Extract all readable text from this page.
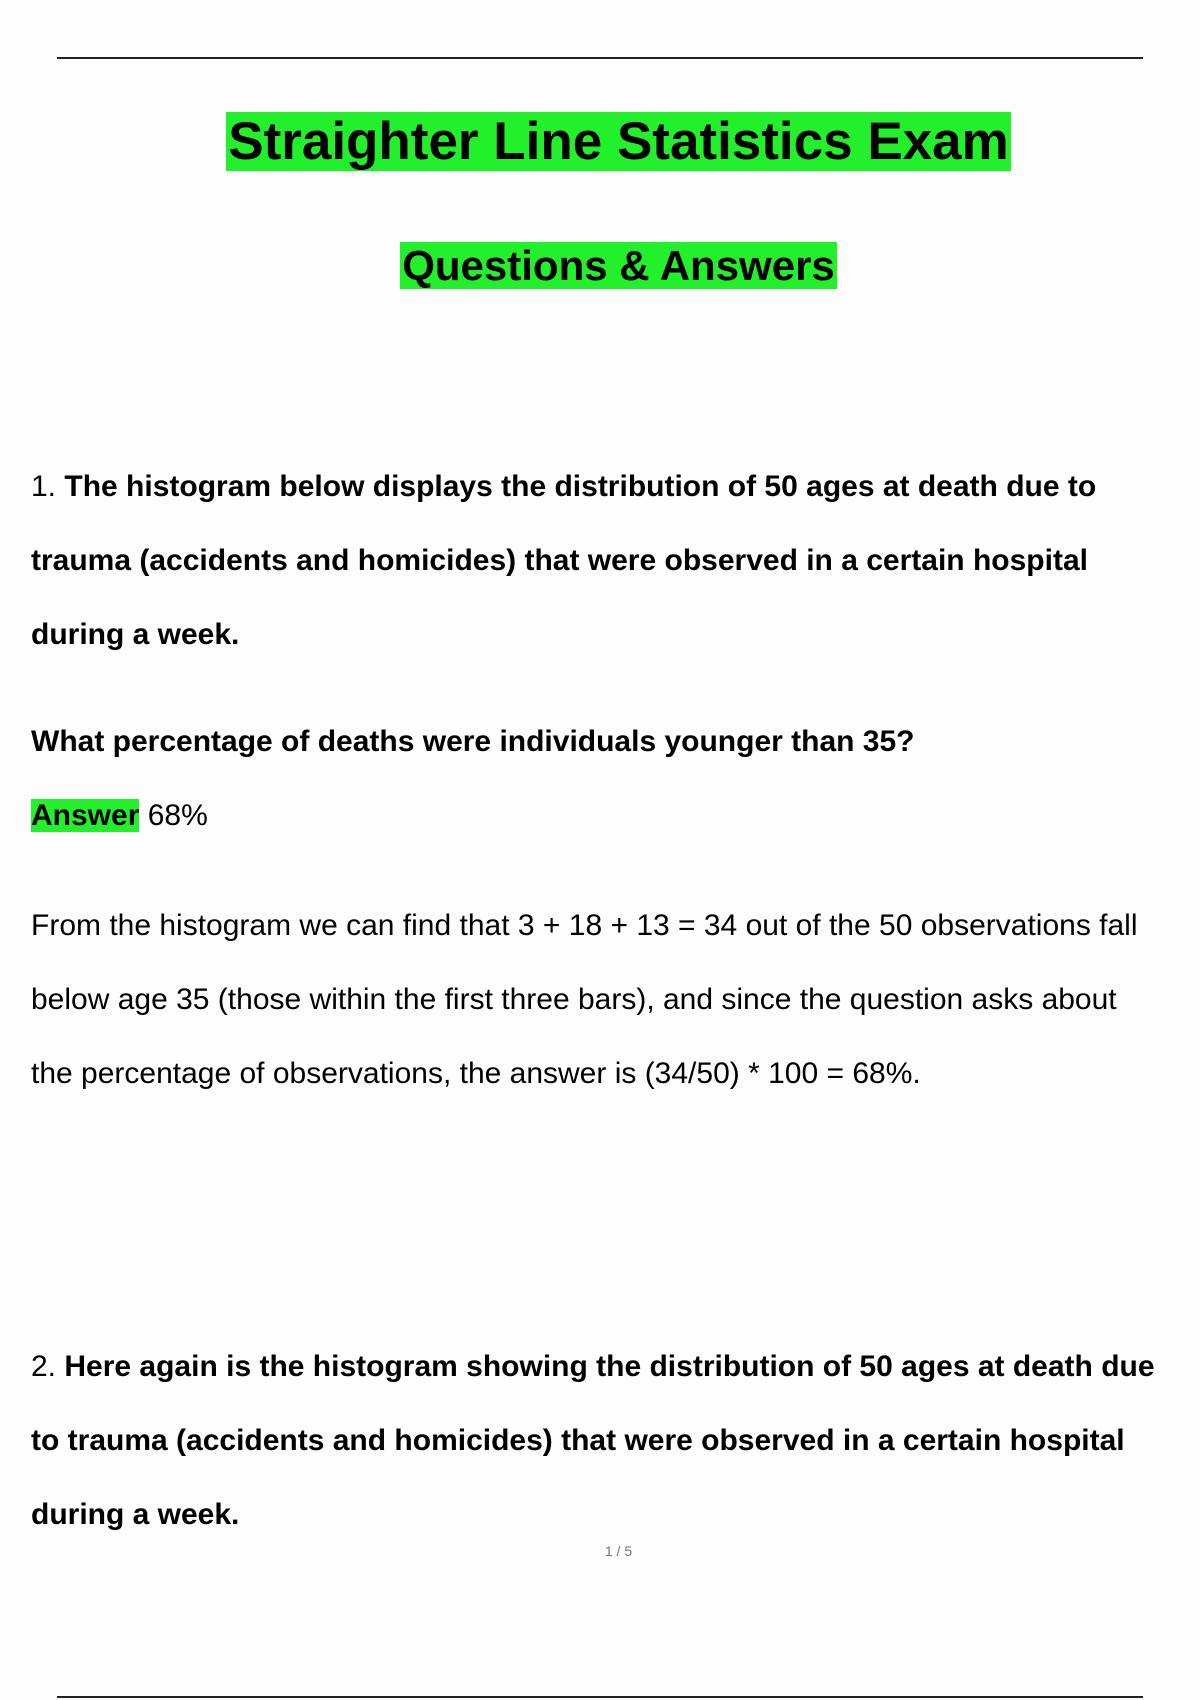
Straighter Line Statistics Exam
Questions & Answers
1. The histogram below displays the distribution of 50 ages at death due to
trauma (accidents and homicides) that were observed in a certain hospital
during a week.
What percentage of deaths were individuals younger than 35?
Answer 68%
From the histogram we can find that 3 + 18 + 13 = 34 out of the 50 observations fall
below age 35 (those within the first three bars), and since the question asks about
the percentage of observations, the answer is (34/50) * 100 = 68%.
2. Here again is the histogram showing the distribution of 50 ages at death due
to trauma (accidents and homicides) that were observed in a certain hospital
during a week.
1 / 5
